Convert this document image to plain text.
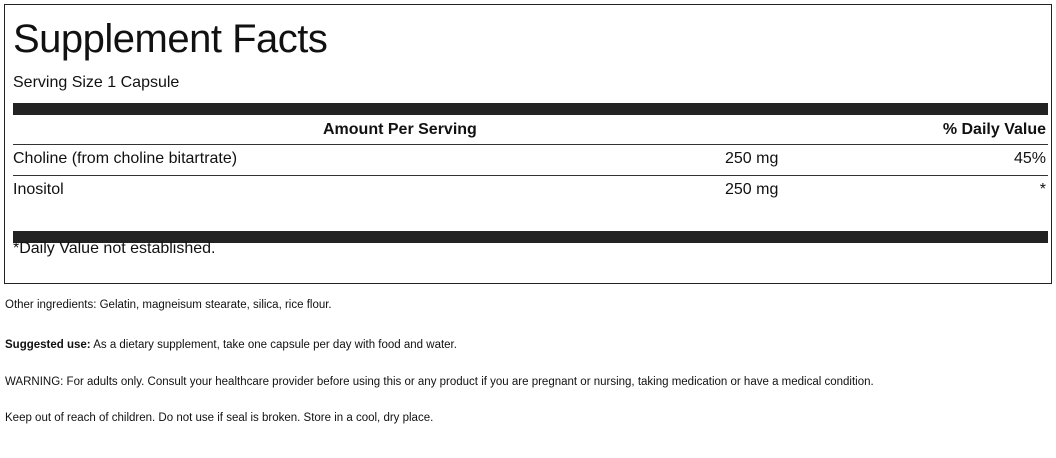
Supplement Facts
Serving Size 1 Capsule
Amount Per Serving	% Daily Value
Choline (from choline bitartrate)	250 mg	45%
Inositol	250 mg	*
*Daily Value not established.
Other ingredients: Gelatin, magneisum stearate, silica, rice flour.
Suggested use: As a dietary supplement, take one capsule per day with food and water.
WARNING: For adults only. Consult your healthcare provider before using this or any product if you are pregnant or nursing, taking medication or have a medical condition.
Keep out of reach of children. Do not use if seal is broken. Store in a cool, dry place.
